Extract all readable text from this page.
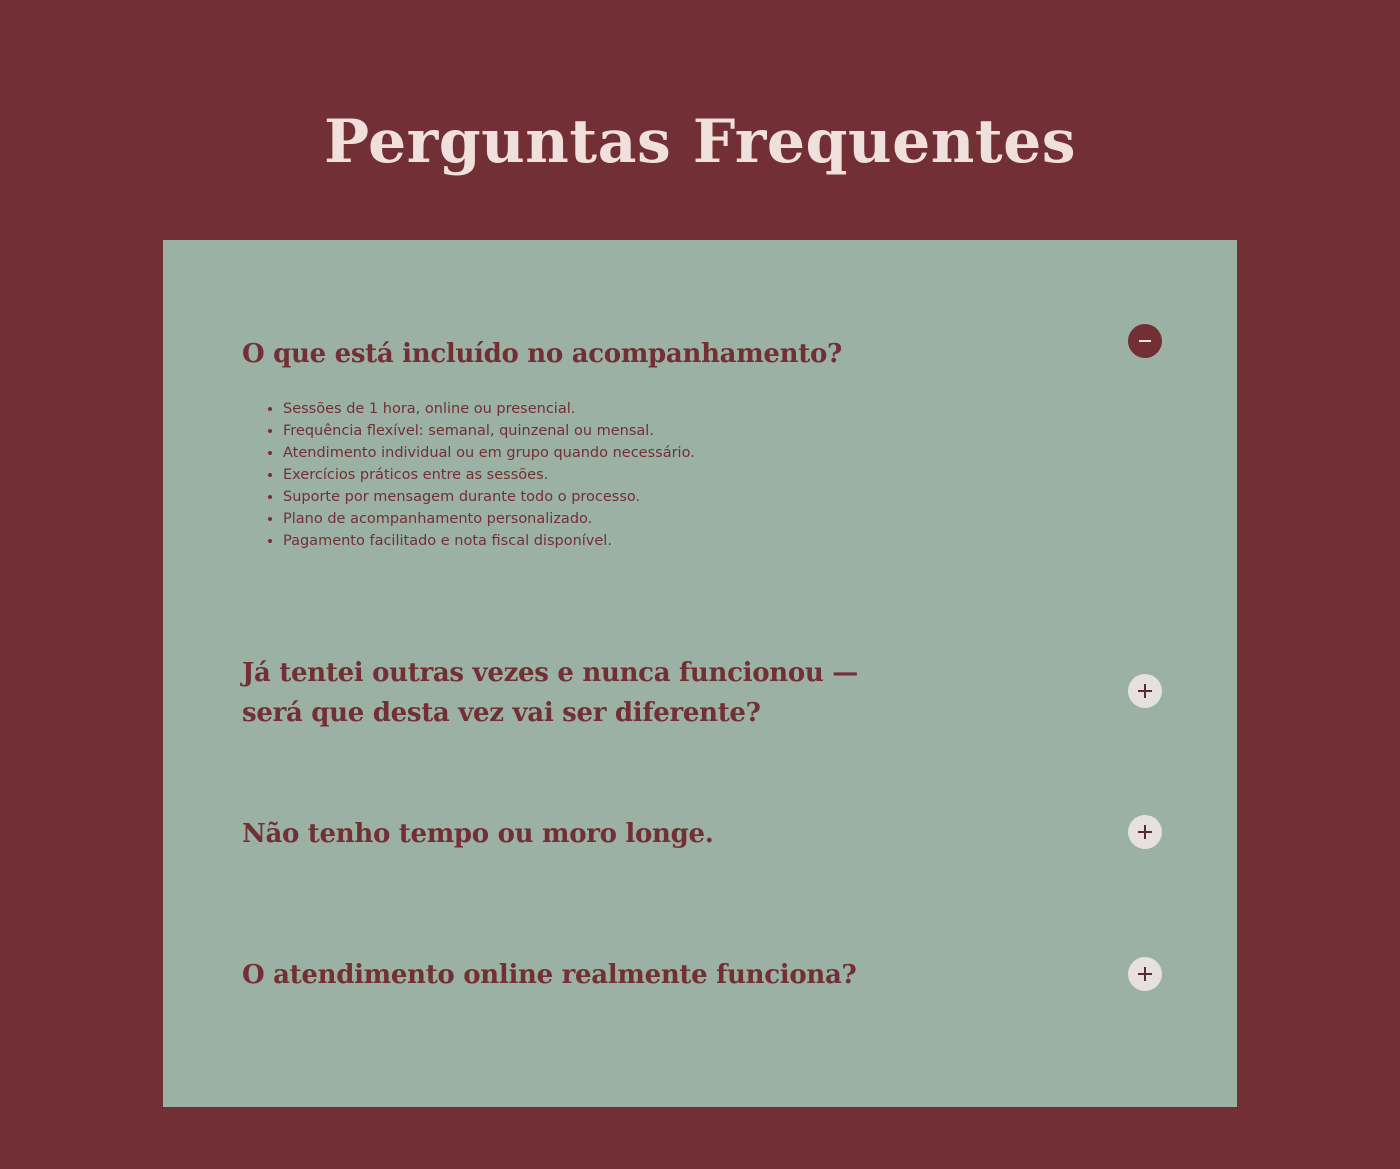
Perguntas Frequentes
O que está incluído no acompanhamento?
• Sessões de 1 hora, online ou presencial.
• Frequência flexível: semanal, quinzenal ou mensal.
• Atendimento individual ou em grupo quando necessário.
• Exercícios práticos entre as sessões.
• Suporte por mensagem durante todo o processo.
• Plano de acompanhamento personalizado.
• Pagamento facilitado e nota fiscal disponível.
Já tentei outras vezes e nunca funcionou — será que desta vez vai ser diferente?
Não tenho tempo ou moro longe.
O atendimento online realmente funciona?
